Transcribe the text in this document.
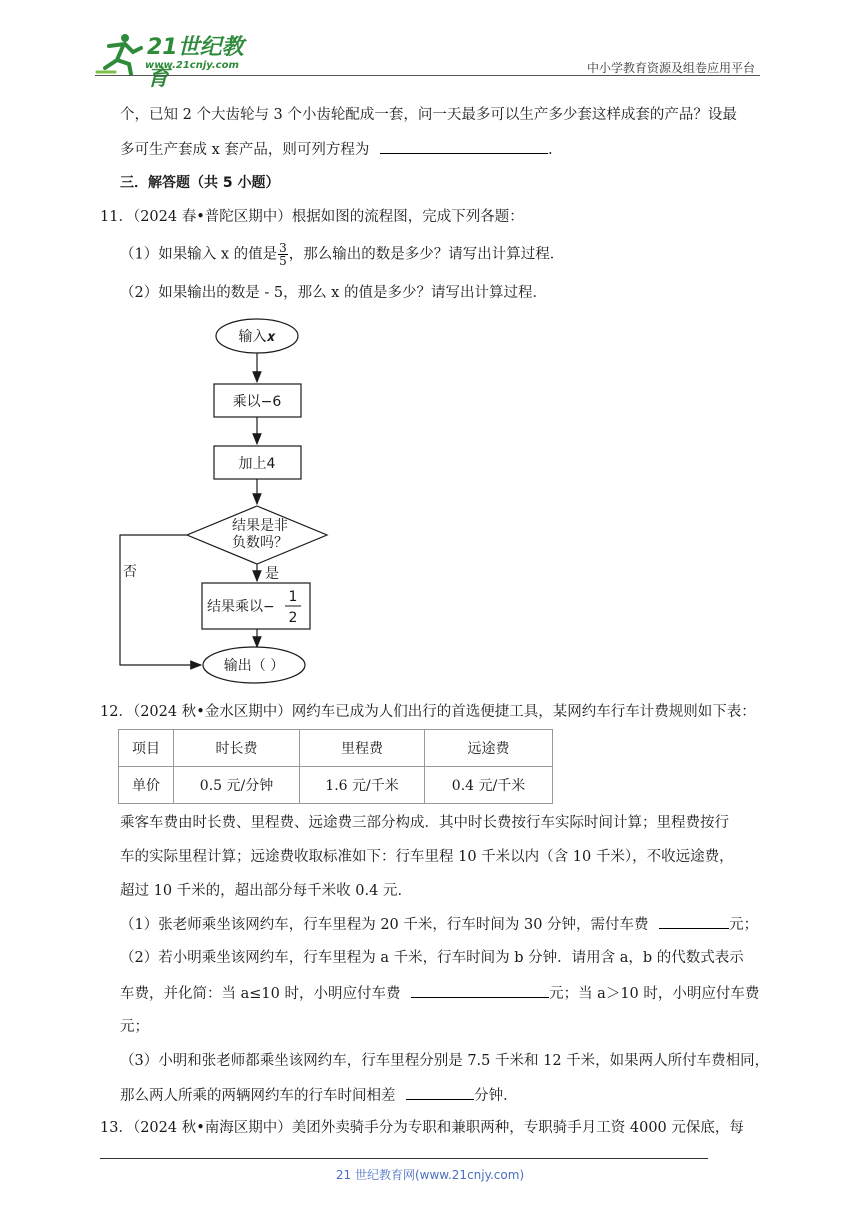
21世纪教育
www.21cnjy.com	中小学教育资源及组卷应用平台
个，已知 2 个大齿轮与 3 个小齿轮配成一套，问一天最多可以生产多少套这样成套的产品？设最
多可生产套成 x 套产品，则可列方程为	.
三．解答题（共 5 小题）
11．（2024 春•普陀区期中）根据如图的流程图，完成下列各题：
（1）如果输入 x 的值是 $\frac{3}{5}$ ，那么输出的数是多少？请写出计算过程．
（2）如果输出的数是 - 5，那么 x 的值是多少？请写出计算过程．
输入𝒙
乘以−6
加上4
结果是非
负数吗？
否	是
结果乘以−
1
2
输出（ ）
12．（2024 秋•金水区期中）网约车已成为人们出行的首选便捷工具，某网约车行车计费规则如下表：
项目	时长费	里程费	远途费
单价	0.5 元/分钟	1.6 元/千米	0.4 元/千米
乘客车费由时长费、里程费、远途费三部分构成．其中时长费按行车实际时间计算；里程费按行
车的实际里程计算；远途费收取标准如下：行车里程 10 千米以内（含 10 千米），不收远途费，
超过 10 千米的，超出部分每千米收 0.4 元．
（1）张老师乘坐该网约车，行车里程为 20 千米，行车时间为 30 分钟，需付车费	元；
（2）若小明乘坐该网约车，行车里程为 a 千米，行车时间为 b 分钟．请用含 a，b 的代数式表示
车费，并化简：当 a≤10 时，小明应付车费	元；当 a＞10 时，小明应付车费
元；
（3）小明和张老师都乘坐该网约车，行车里程分别是 7.5 千米和 12 千米，如果两人所付车费相同，
那么两人所乘的两辆网约车的行车时间相差	分钟．
13．（2024 秋•南海区期中）美团外卖骑手分为专职和兼职两种，专职骑手月工资 4000 元保底，每
21 世纪教育网(www.21cnjy.com)
